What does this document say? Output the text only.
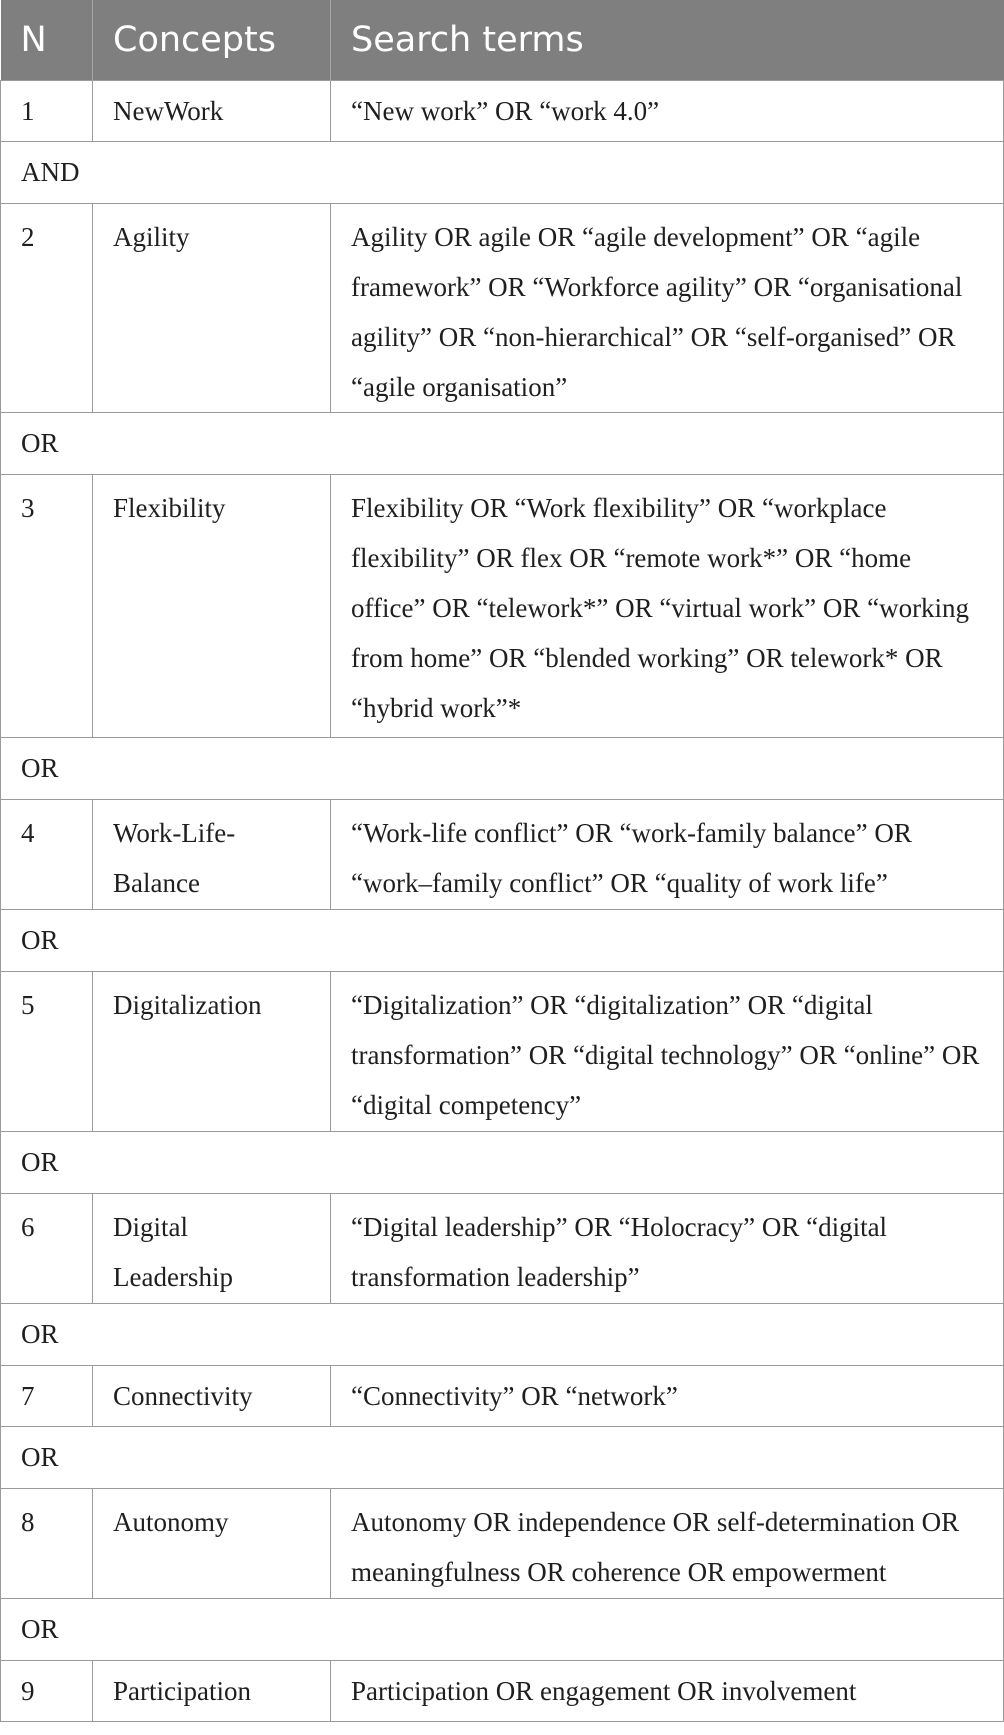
N	Concepts	Search terms
1	NewWork	“New work” OR “work 4.0”
AND		
2	Agility	Agility OR agile OR “agile development” OR “agile framework” OR “Workforce agility” OR “organisational agility” OR “non-hierarchical” OR “self-organised” OR “agile organisation”
OR		
3	Flexibility	Flexibility OR “Work flexibility” OR “workplace flexibility” OR flex OR “remote work*” OR “home office” OR “telework*” OR “virtual work” OR “working from home” OR “blended working” OR telework* OR “hybrid work”*
OR		
4	Work-Life-Balance	“Work-life conflict” OR “work-family balance” OR “work–family conflict” OR “quality of work life”
OR		
5	Digitalization	“Digitalization” OR “digitalization” OR “digital transformation” OR “digital technology” OR “online” OR “digital competency”
OR		
6	Digital Leadership	“Digital leadership” OR “Holocracy” OR “digital transformation leadership”
OR		
7	Connectivity	“Connectivity” OR “network”
OR		
8	Autonomy	Autonomy OR independence OR self-determination OR meaningfulness OR coherence OR empowerment
OR		
9	Participation	Participation OR engagement OR involvement
